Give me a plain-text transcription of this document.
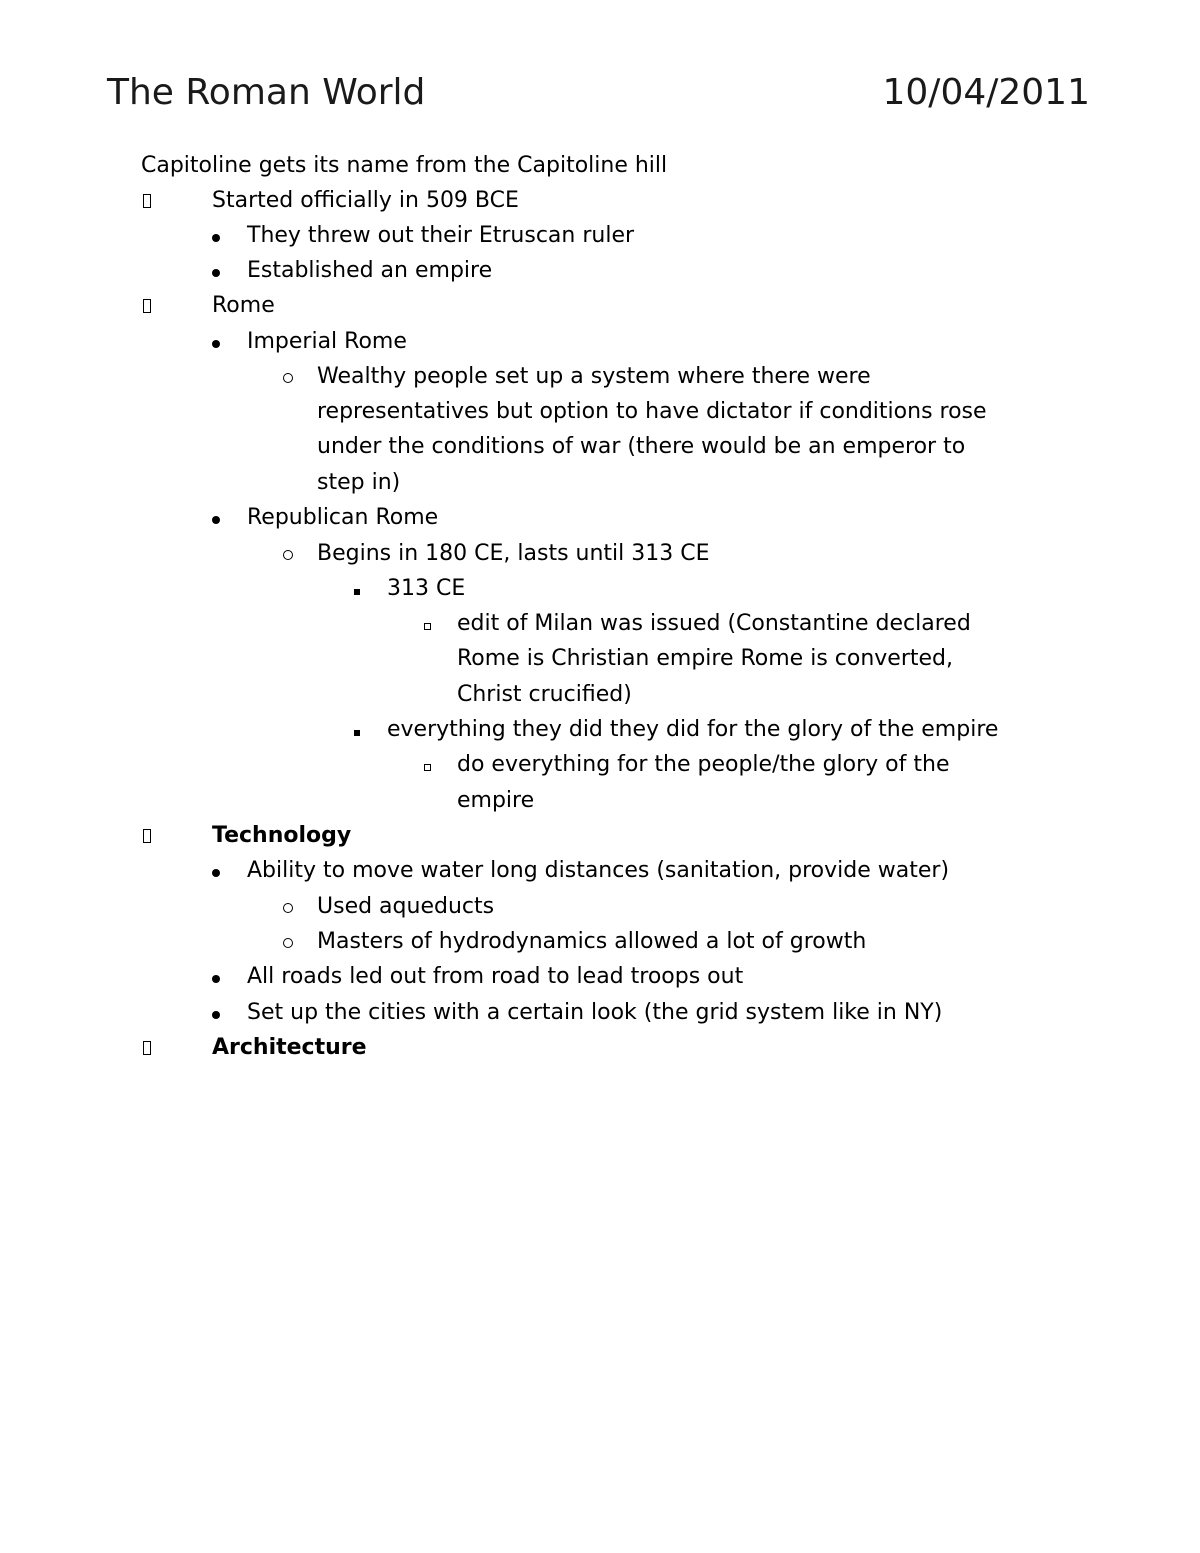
The Roman World	10/04/2011
Capitoline gets its name from the Capitoline hill
Started officially in 509 BCE
They threw out their Etruscan ruler
Established an empire
Rome
Imperial Rome
Wealthy people set up a system where there were
representatives but option to have dictator if conditions rose
under the conditions of war (there would be an emperor to
step in)
Republican Rome
Begins in 180 CE, lasts until 313 CE
313 CE
edit of Milan was issued (Constantine declared
Rome is Christian empire Rome is converted,
Christ crucified)
everything they did they did for the glory of the empire
do everything for the people/the glory of the
empire
Technology
Ability to move water long distances (sanitation, provide water)
Used aqueducts
Masters of hydrodynamics allowed a lot of growth
All roads led out from road to lead troops out
Set up the cities with a certain look (the grid system like in NY)
Architecture
